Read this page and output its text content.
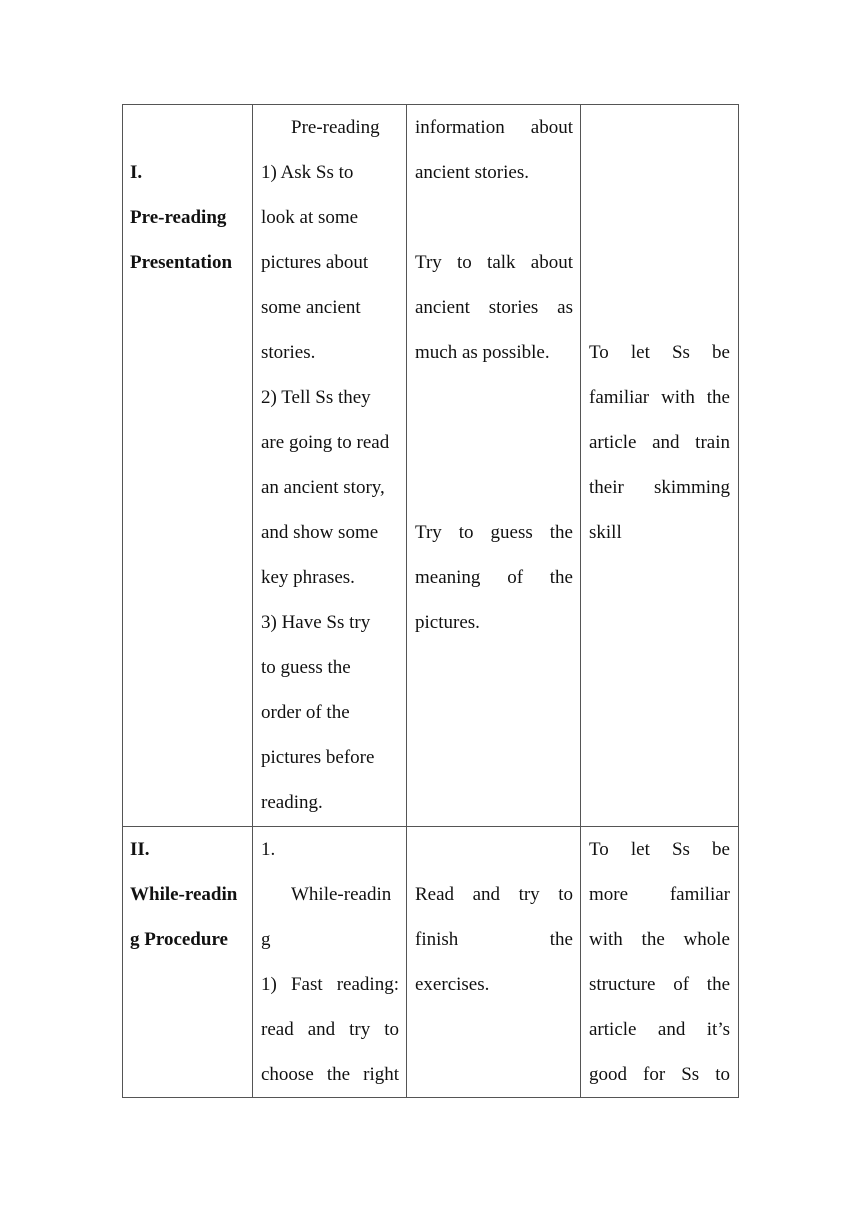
I.
Pre-reading
Presentation
Pre-reading
1) Ask Ss to
look at some
pictures about
some ancient
stories.
2) Tell Ss they
are going to read
an ancient story,
and show some
key phrases.
3) Have Ss try
to guess the
order of the
pictures before
reading.
information about
ancient stories.
Try to talk about
ancient stories as
much as possible.
Try to guess the
meaning of the
pictures.
To let Ss be
familiar with the
article and train
their skimming
skill
II.
While-readin
g Procedure
1.
While-readin
g
1) Fast reading:
read and try to
choose the right
Read and try to
finish the
exercises.
To let Ss be
more familiar
with the whole
structure of the
article and it’s
good for Ss to
